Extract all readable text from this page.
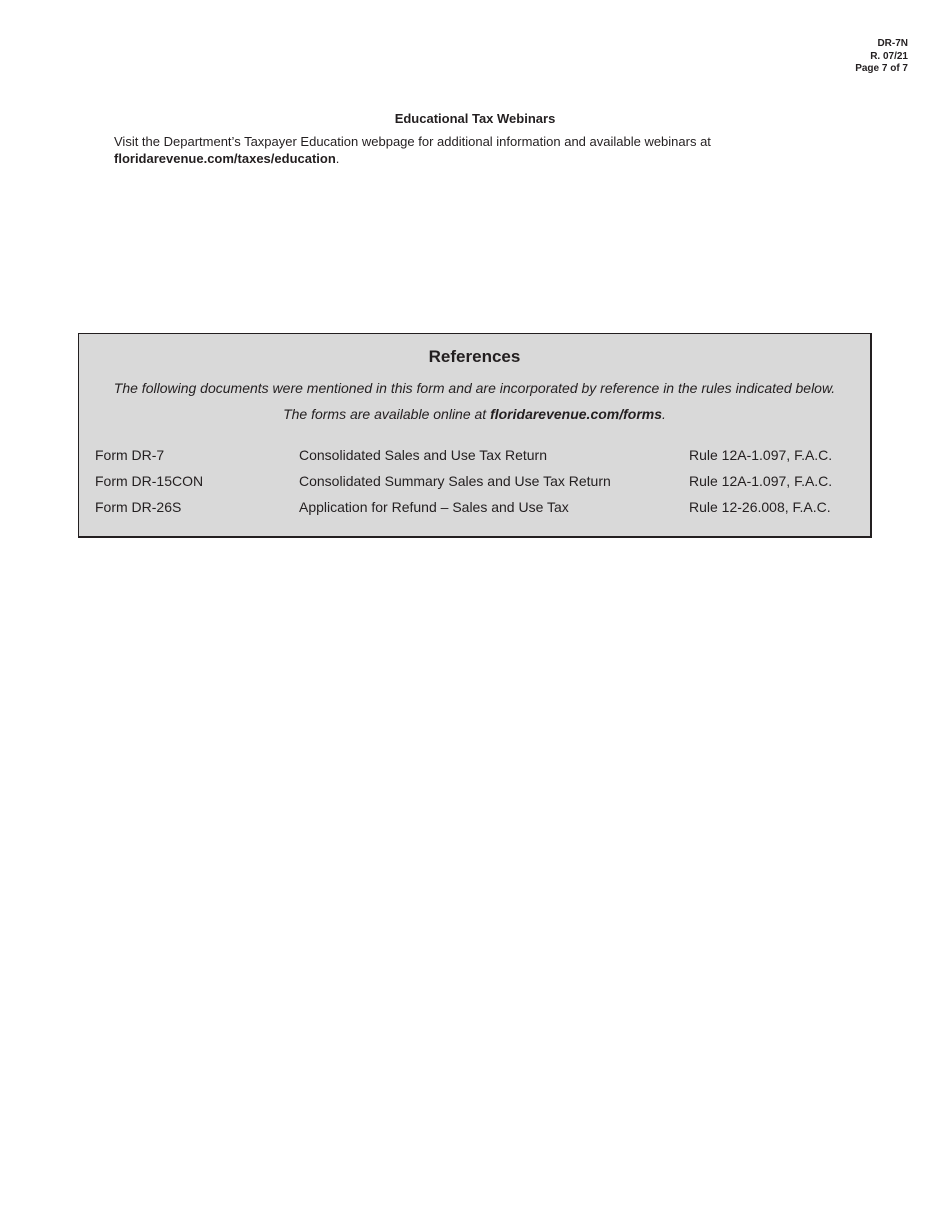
DR-7N
R. 07/21
Page 7 of 7

Educational Tax Webinars

Visit the Department’s Taxpayer Education webpage for additional information and available webinars at
floridarevenue.com/taxes/education.

References

The following documents were mentioned in this form and are incorporated by reference in the rules indicated below.
The forms are available online at floridarevenue.com/forms.

Form DR-7	Consolidated Sales and Use Tax Return	Rule 12A-1.097, F.A.C.
Form DR-15CON	Consolidated Summary Sales and Use Tax Return	Rule 12A-1.097, F.A.C.
Form DR-26S	Application for Refund – Sales and Use Tax	Rule 12-26.008, F.A.C.
